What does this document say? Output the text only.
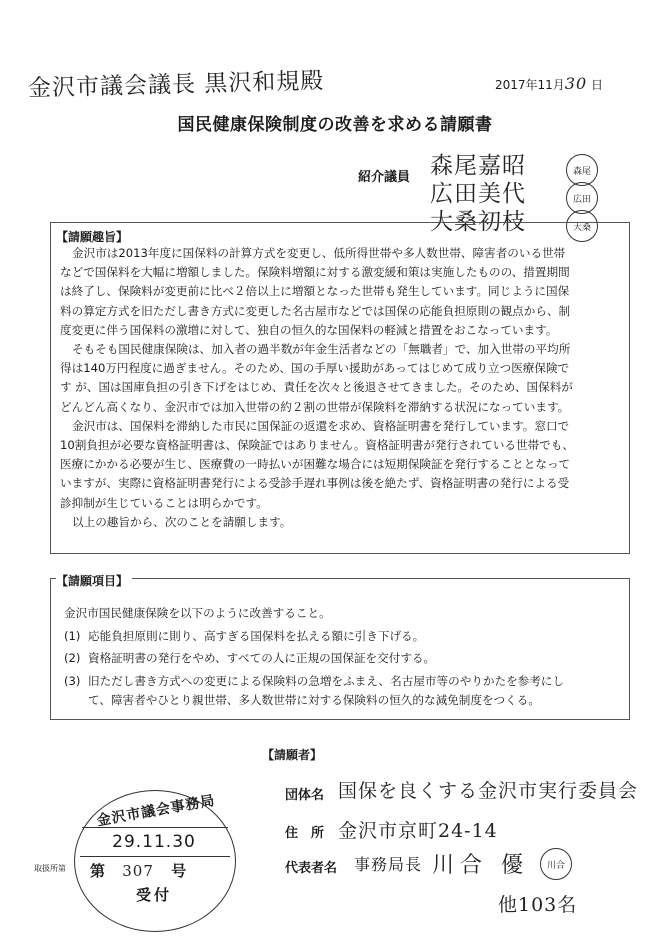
金沢市議会議長 黒沢和規殿	2017年11月30 日
国民健康保険制度の改善を求める請願書
紹介議員 森尾嘉昭
広田美代
大桑初枝
森尾
広田
大桑
【請願趣旨】
金沢市は2013年度に国保料の計算方式を変更し、低所得世帯や多人数世帯、障害者のいる世帯
などで国保料を大幅に増額しました。保険料増額に対する激変緩和策は実施したものの、措置期間
は終了し、保険料が変更前に比べ２倍以上に増額となった世帯も発生しています。同じように国保
料の算定方式を旧ただし書き方式に変更した名古屋市などでは国保の応能負担原則の観点から、制
度変更に伴う国保料の激増に対して、独自の恒久的な国保料の軽減と措置をおこなっています。
そもそも国民健康保険は、加入者の過半数が年金生活者などの「無職者」で、加入世帯の平均所
得は140万円程度に過ぎません。そのため、国の手厚い援助があってはじめて成り立つ医療保険で
す が、国は国庫負担の引き下げをはじめ、責任を次々と後退させてきました。そのため、国保料が
どんどん高くなり、金沢市では加入世帯の約２割の世帯が保険料を滞納する状況になっています。
金沢市は、国保料を滞納した市民に国保証の返還を求め、資格証明書を発行しています。窓口で
10割負担が必要な資格証明書は、保険証ではありません。資格証明書が発行されている世帯でも、
医療にかかる必要が生じ、医療費の一時払いが困難な場合には短期保険証を発行することとなって
いますが、実際に資格証明書発行による受診手遅れ事例は後を絶たず、資格証明書の発行による受
診抑制が生じていることは明らかです。
以上の趣旨から、次のことを請願します。
【請願項目】
金沢市国民健康保険を以下のように改善すること。
(1) 応能負担原則に則り、高すぎる国保料を払える額に引き下げる。
(2) 資格証明書の発行をやめ、すべての人に正規の国保証を交付する。
(3) 旧ただし書き方式への変更による保険料の急増をふまえ、名古屋市等のやりかたを参考にし
て、障害者やひとり親世帯、多人数世帯に対する保険料の恒久的な減免制度をつくる。
【請願者】
団体名 国保を良くする金沢市実行委員会
住　所 金沢市京町24-14
代表者名 事務局長 川合 優	川合
他103名
金沢市議会事務局
29.11.30
取扱所第	第 307 号
受付
